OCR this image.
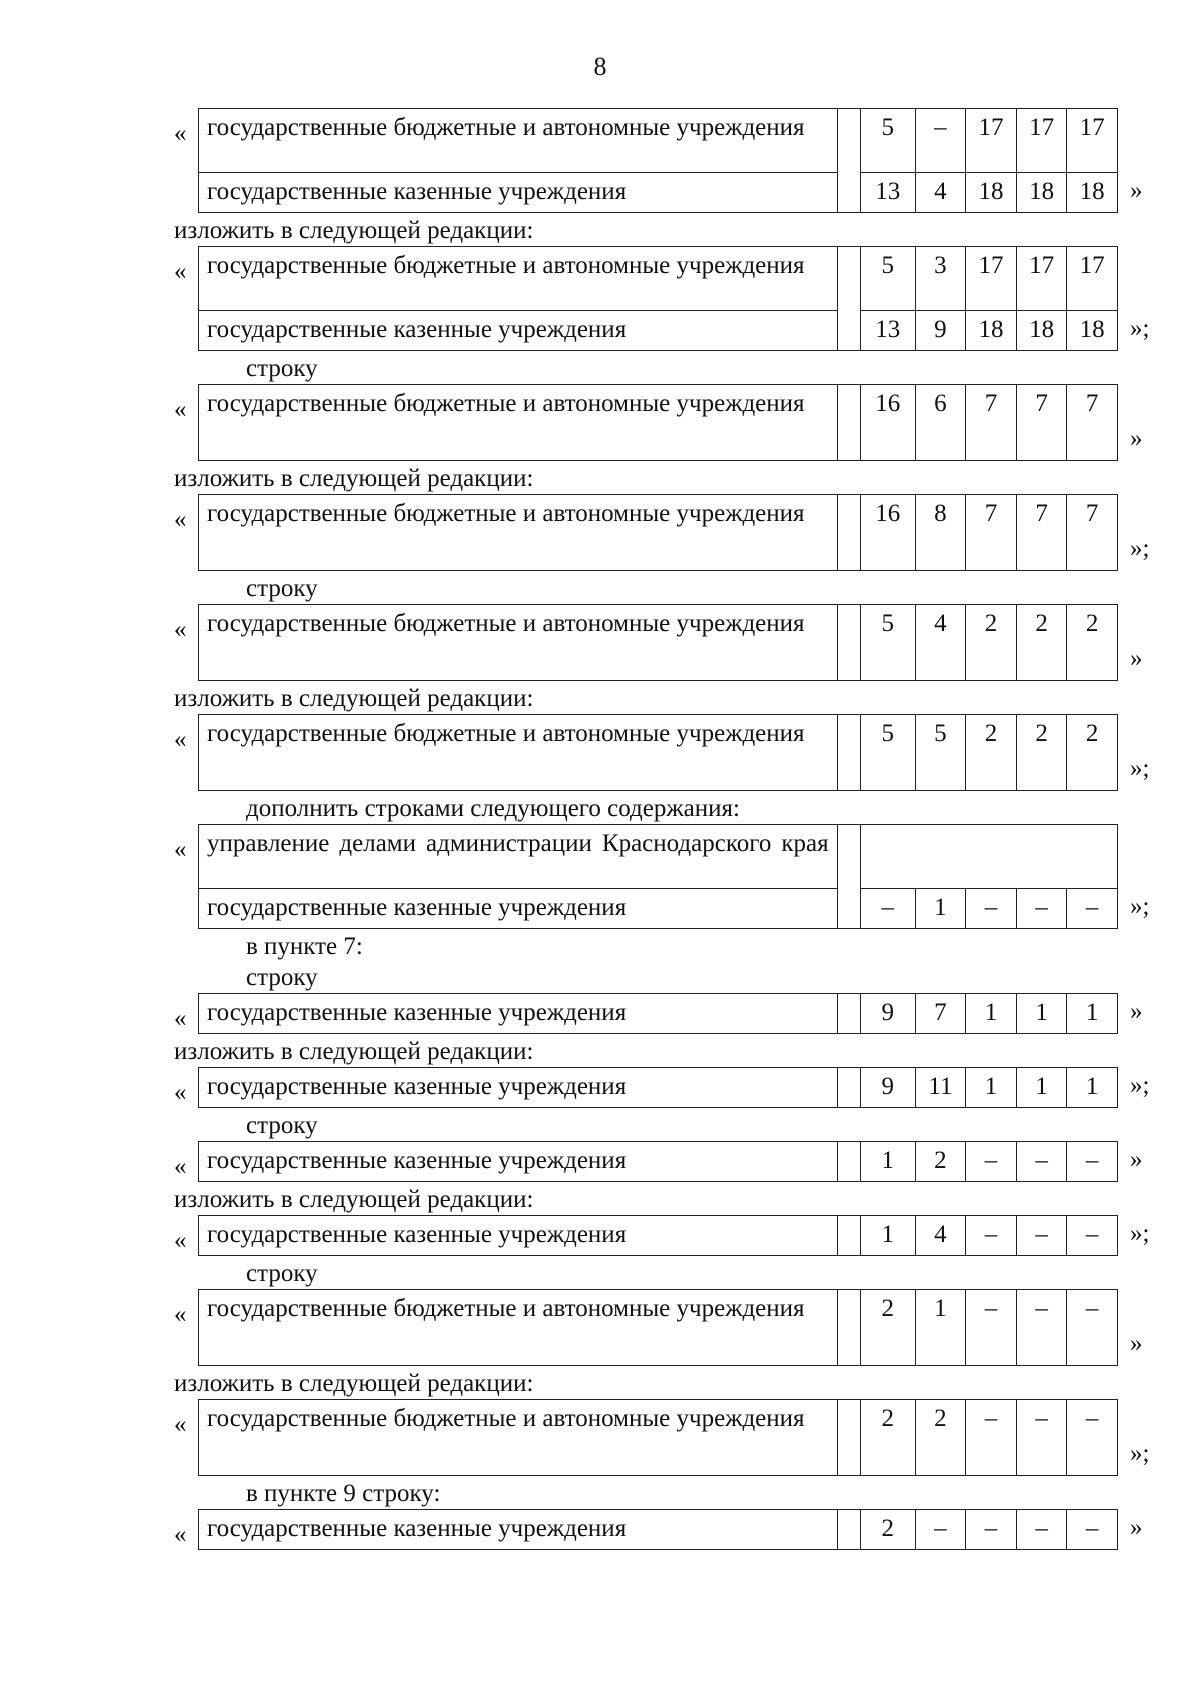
8
« государственные бюджетные и автономные учреждения		5	–	17	17	17
государственные казенные учреждения		13	4	18	18	18 »
изложить в следующей редакции:
« государственные бюджетные и автономные учреждения		5	3	17	17	17
государственные казенные учреждения		13	9	18	18	18 »;
строку
« государственные бюджетные и автономные учреждения		16	6	7	7	7
»
изложить в следующей редакции:
« государственные бюджетные и автономные учреждения		16	8	7	7	7
»;
строку
« государственные бюджетные и автономные учреждения		5	4	2	2	2
»
изложить в следующей редакции:
« государственные бюджетные и автономные учреждения		5	5	2	2	2
»;
дополнить строками следующего содержания:
« управление делами администрации Краснодарского края						
государственные казенные учреждения		–	1	–	–	– »;
в пункте 7:
строку
« государственные казенные учреждения		9	7	1	1	1 »
изложить в следующей редакции:
« государственные казенные учреждения		9	11	1	1	1 »;
строку
« государственные казенные учреждения		1	2	–	–	– »
изложить в следующей редакции:
« государственные казенные учреждения		1	4	–	–	– »;
строку
« государственные бюджетные и автономные учреждения		2	1	–	–	–
»
изложить в следующей редакции:
« государственные бюджетные и автономные учреждения		2	2	–	–	–
»;
в пункте 9 строку:
« государственные казенные учреждения		2	–	–	–	– »
